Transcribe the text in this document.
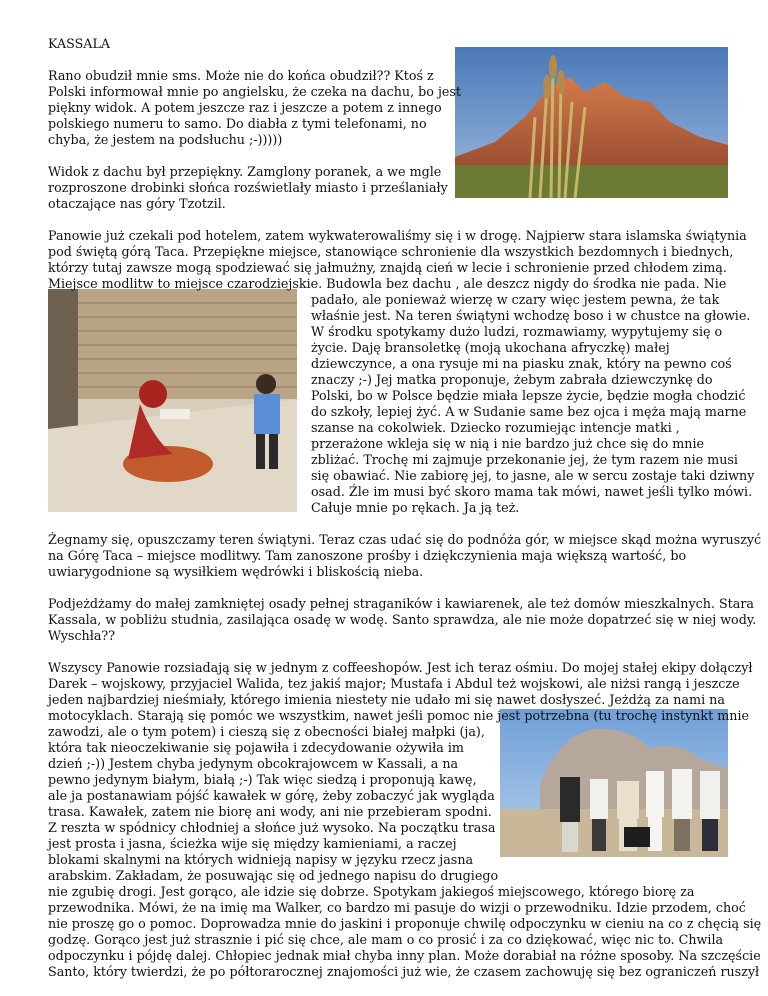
KASSALA

Rano obudził mnie sms. Może nie do końca obudził?? Ktoś z
Polski informował mnie po angielsku, że czeka na dachu, bo jest
piękny widok. A potem jeszcze raz i jeszcze a potem z innego
polskiego numeru to samo. Do diabła z tymi telefonami, no
chyba, że jestem na podsłuchu ;-)))))

Widok z dachu był przepiękny. Zamglony poranek, a we mgle
rozproszone drobinki słońca rozświetlały miasto i prześlaniały
otaczające nas góry Tzotzil.

Panowie już czekali pod hotelem, zatem wykwaterowaliśmy się i w drogę. Najpierw stara islamska świątynia
pod świętą górą Taca. Przepiękne miejsce, stanowiące schronienie dla wszystkich bezdomnych i biednych,
którzy tutaj zawsze mogą spodziewać się jałmużny, znajdą cień w lecie i schronienie przed chłodem zimą.
Miejsce modlitw to miejsce czarodziejskie. Budowla bez dachu , ale deszcz nigdy do środka nie pada. Nie
padało, ale ponieważ wierzę w czary więc jestem pewna, że tak
właśnie jest. Na teren świątyni wchodzę boso i w chustce na głowie.
W środku spotykamy dużo ludzi, rozmawiamy, wypytujemy się o
życie. Daję bransoletkę (moją ukochana afryczkę) małej
dziewczynce, a ona rysuje mi na piasku znak, który na pewno coś
znaczy ;-) Jej matka proponuje, żebym zabrała dziewczynkę do
Polski, bo w Polsce będzie miała lepsze życie, będzie mogła chodzić
do szkoły, lepiej żyć. A w Sudanie same bez ojca i męża mają marne
szanse na cokolwiek. Dziecko rozumiejąc intencje matki ,
przerażone wkleja się w nią i nie bardzo już chce się do mnie
zbliżać. Trochę mi zajmuje przekonanie jej, że tym razem nie musi
się obawiać. Nie zabiorę jej, to jasne, ale w sercu zostaje taki dziwny
osad. Źle im musi być skoro mama tak mówi, nawet jeśli tylko mówi.
Całuje mnie po rękach. Ja ją też.

Żegnamy się, opuszczamy teren świątyni. Teraz czas udać się do podnóża gór, w miejsce skąd można wyruszyć
na Górę Taca – miejsce modlitwy. Tam zanoszone prośby i dziękczynienia maja większą wartość, bo
uwiarygodnione są wysiłkiem wędrówki i bliskością nieba.

Podjeżdżamy do małej zamkniętej osady pełnej straganików i kawiarenek, ale też domów mieszkalnych. Stara
Kassala, w pobliżu studnia, zasilająca osadę w wodę. Santo sprawdza, ale nie może dopatrzeć się w niej wody.
Wyschła??

Wszyscy Panowie rozsiadają się w jednym z coffeeshopów. Jest ich teraz ośmiu. Do mojej stałej ekipy dołączył
Darek – wojskowy, przyjaciel Walida, tez jakiś major; Mustafa i Abdul też wojskowi, ale niżsi rangą i jeszcze
jeden najbardziej nieśmiały, którego imienia niestety nie udało mi się nawet dosłyszeć. Jeżdżą za nami na
motocyklach. Starają się pomóc we wszystkim, nawet jeśli pomoc nie jest potrzebna (tu trochę instynkt mnie
zawodzi, ale o tym potem) i cieszą się z obecności białej małpki (ja),
która tak nieoczekiwanie się pojawiła i zdecydowanie ożywiła im
dzień ;-)) Jestem chyba jedynym obcokrajowcem w Kassali, a na
pewno jedynym białym, białą ;-) Tak więc siedzą i proponują kawę,
ale ja postanawiam pójść kawałek w górę, żeby zobaczyć jak wygląda
trasa. Kawałek, zatem nie biorę ani wody, ani nie przebieram spodni.
Z reszta w spódnicy chłodniej a słońce już wysoko. Na początku trasa
jest prosta i jasna, ścieżka wije się między kamieniami, a raczej
blokami skalnymi na których widnieją napisy w języku rzecz jasna
arabskim. Zakładam, że posuwając się od jednego napisu do drugiego
nie zgubię drogi. Jest gorąco, ale idzie się dobrze. Spotykam jakiegoś miejscowego, którego biorę za
przewodnika. Mówi, że na imię ma Walker, co bardzo mi pasuje do wizji o przewodniku. Idzie przodem, choć
nie proszę go o pomoc. Doprowadza mnie do jaskini i proponuje chwilę odpoczynku w cieniu na co z chęcią się
godzę. Gorąco jest już strasznie i pić się chce, ale mam o co prosić i za co dziękować, więc nic to. Chwila
odpoczynku i pójdę dalej. Chłopiec jednak miał chyba inny plan. Może dorabiał na różne sposoby. Na szczęście
Santo, który twierdzi, że po półtorarocznej znajomości już wie, że czasem zachowuję się bez ograniczeń ruszył
